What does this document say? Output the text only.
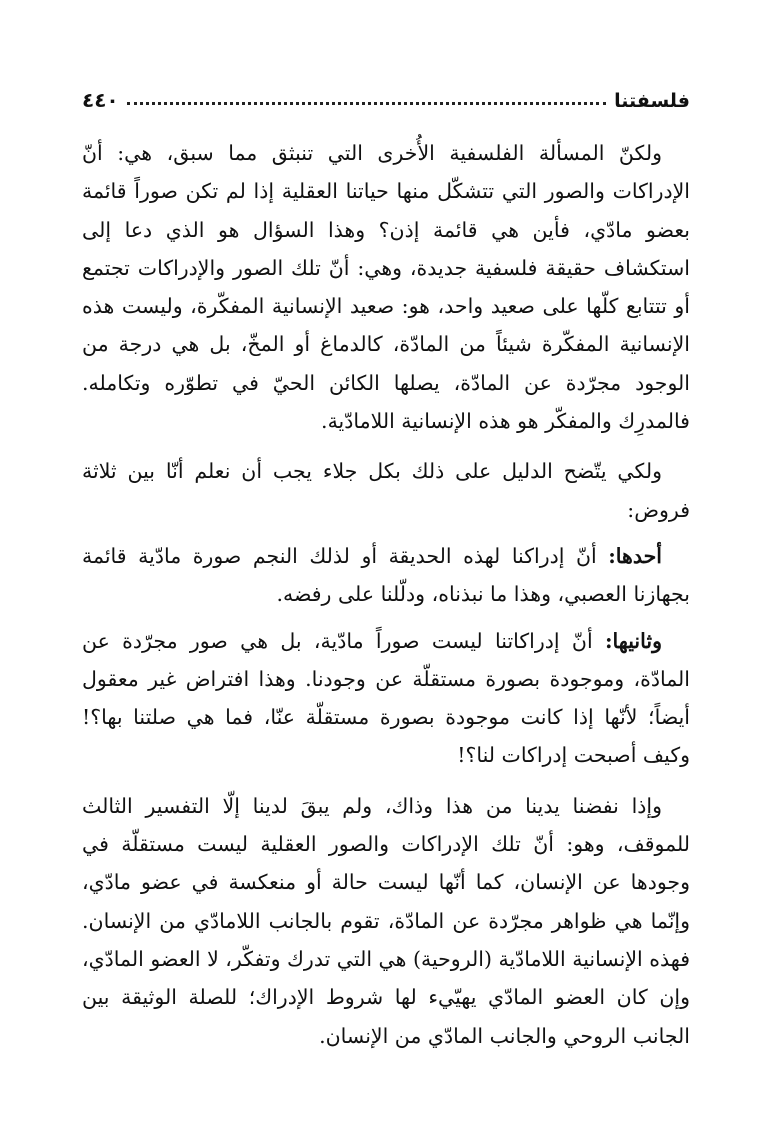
فلسفتنا
٤٤٠

ولكنّ المسألة الفلسفية الأُخرى التي تنبثق مما سبق، هي: أنّ الإدراكات والصور التي تتشكّل منها حياتنا العقلية إذا لم تكن صوراً قائمة بعضو مادّي، فأين هي قائمة إذن؟ وهذا السؤال هو الذي دعا إلى استكشاف حقيقة فلسفية جديدة، وهي: أنّ تلك الصور والإدراكات تجتمع أو تتتابع كلّها على صعيد واحد، هو: صعيد الإنسانية المفكّرة، وليست هذه الإنسانية المفكّرة شيئاً من المادّة، كالدماغ أو المخّ، بل هي درجة من الوجود مجرّدة عن المادّة، يصلها الكائن الحيّ في تطوّره وتكامله. فالمدرِك والمفكّر هو هذه الإنسانية اللامادّية.

ولكي يتّضح الدليل على ذلك بكل جلاء يجب أن نعلم أنّا بين ثلاثة فروض:

أحدها: أنّ إدراكنا لهذه الحديقة أو لذلك النجم صورة مادّية قائمة بجهازنا العصبي، وهذا ما نبذناه، ودلّلنا على رفضه.

وثانيها: أنّ إدراكاتنا ليست صوراً مادّية، بل هي صور مجرّدة عن المادّة، وموجودة بصورة مستقلّة عن وجودنا. وهذا افتراض غير معقول أيضاً؛ لأنّها إذا كانت موجودة بصورة مستقلّة عنّا، فما هي صلتنا بها؟! وكيف أصبحت إدراكات لنا؟!

وإذا نفضنا يدينا من هذا وذاك، ولم يبقَ لدينا إلّا التفسير الثالث للموقف، وهو: أنّ تلك الإدراكات والصور العقلية ليست مستقلّة في وجودها عن الإنسان، كما أنّها ليست حالة أو منعكسة في عضو مادّي، وإنّما هي ظواهر مجرّدة عن المادّة، تقوم بالجانب اللامادّي من الإنسان. فهذه الإنسانية اللامادّية (الروحية) هي التي تدرك وتفكّر، لا العضو المادّي، وإن كان العضو المادّي يهيّيء لها شروط الإدراك؛ للصلة الوثيقة بين الجانب الروحي والجانب المادّي من الإنسان.
